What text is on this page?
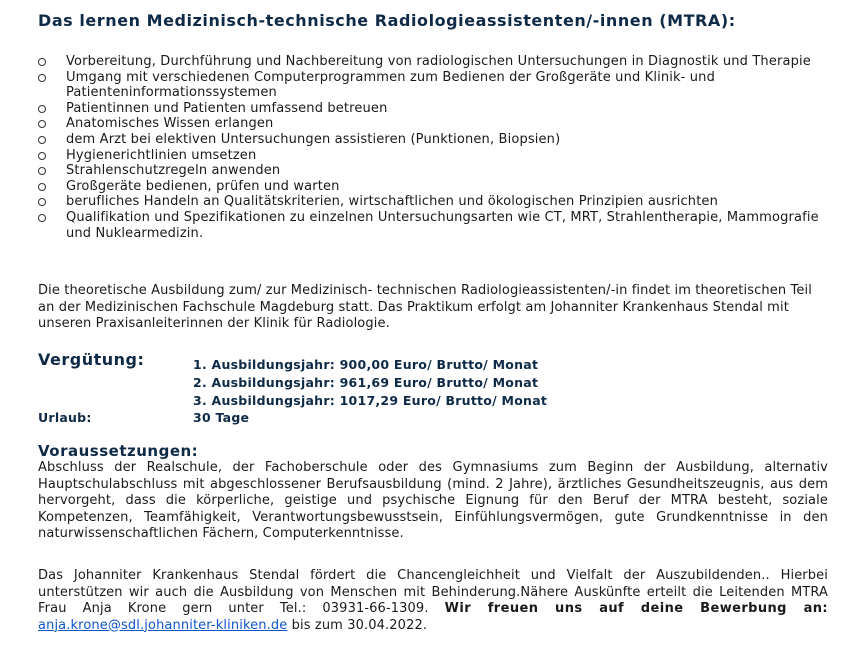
Das lernen Medizinisch-technische Radiologieassistenten/-innen (MTRA):
Vorbereitung, Durchführung und Nachbereitung von radiologischen Untersuchungen in Diagnostik und Therapie
Umgang mit verschiedenen Computerprogrammen zum Bedienen der Großgeräte und Klinik- und Patienteninformationssystemen
Patientinnen und Patienten umfassend betreuen
Anatomisches Wissen erlangen
dem Arzt bei elektiven Untersuchungen assistieren (Punktionen, Biopsien)
Hygienerichtlinien umsetzen
Strahlenschutzregeln anwenden
Großgeräte bedienen, prüfen und warten
berufliches Handeln an Qualitätskriterien, wirtschaftlichen und ökologischen Prinzipien ausrichten
Qualifikation und Spezifikationen zu einzelnen Untersuchungsarten wie CT, MRT, Strahlentherapie, Mammografie und Nuklearmedizin.

Die theoretische Ausbildung zum/ zur Medizinisch- technischen Radiologieassistenten/-in findet im theoretischen Teil an der Medizinischen Fachschule Magdeburg statt. Das Praktikum erfolgt am Johanniter Krankenhaus Stendal mit unseren Praxisanleiterinnen der Klinik für Radiologie.

Vergütung:	1. Ausbildungsjahr: 900,00 Euro/ Brutto/ Monat
2. Ausbildungsjahr: 961,69 Euro/ Brutto/ Monat
3. Ausbildungsjahr: 1017,29 Euro/ Brutto/ Monat
Urlaub:	30 Tage
Voraussetzungen:

Abschluss der Realschule, der Fachoberschule oder des Gymnasiums zum Beginn der Ausbildung, alternativ Hauptschulabschluss mit abgeschlossener Berufsausbildung (mind. 2 Jahre), ärztliches Gesundheitszeugnis, aus dem hervorgeht, dass die körperliche, geistige und psychische Eignung für den Beruf der MTRA besteht, soziale Kompetenzen, Teamfähigkeit, Verantwortungsbewusstsein, Einfühlungsvermögen, gute Grundkenntnisse in den naturwissenschaftlichen Fächern, Computerkenntnisse.

Das Johanniter Krankenhaus Stendal fördert die Chancengleichheit und Vielfalt der Auszubildenden.. Hierbei unterstützen wir auch die Ausbildung von Menschen mit Behinderung.Nähere Auskünfte erteilt die Leitenden MTRA Frau Anja Krone gern unter Tel.: 03931-66-1309. Wir freuen uns auf deine Bewerbung an: anja.krone@sdl.johanniter-kliniken.de bis zum 30.04.2022.
